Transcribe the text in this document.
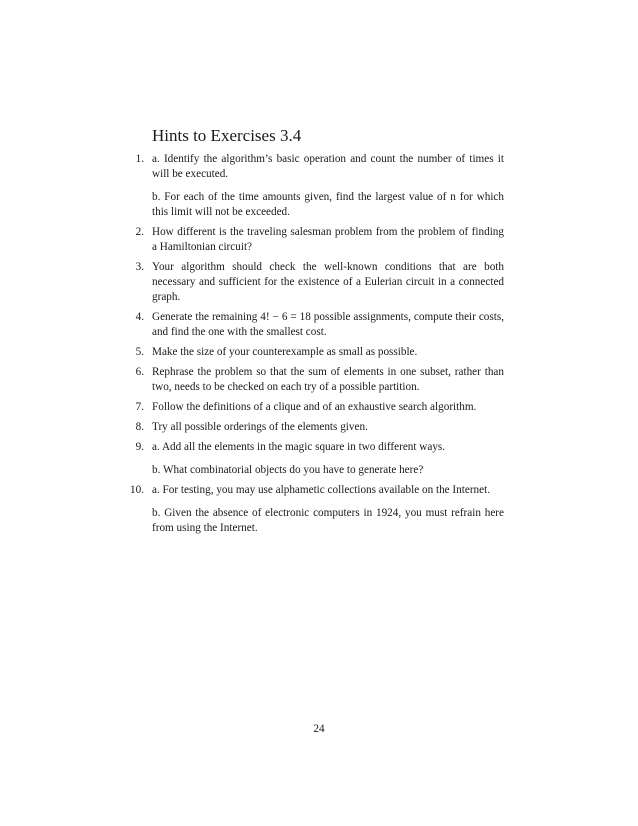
Hints to Exercises 3.4
1. a. Identify the algorithm’s basic operation and count the number of times it will be executed.
b. For each of the time amounts given, find the largest value of n for which this limit will not be exceeded.
2. How different is the traveling salesman problem from the problem of finding a Hamiltonian circuit?
3. Your algorithm should check the well-known conditions that are both necessary and sufficient for the existence of a Eulerian circuit in a connected graph.
4. Generate the remaining 4! − 6 = 18 possible assignments, compute their costs, and find the one with the smallest cost.
5. Make the size of your counterexample as small as possible.
6. Rephrase the problem so that the sum of elements in one subset, rather than two, needs to be checked on each try of a possible partition.
7. Follow the definitions of a clique and of an exhaustive search algorithm.
8. Try all possible orderings of the elements given.
9. a. Add all the elements in the magic square in two different ways.
b. What combinatorial objects do you have to generate here?
10. a. For testing, you may use alphametic collections available on the Internet.
b. Given the absence of electronic computers in 1924, you must refrain here from using the Internet.
24
